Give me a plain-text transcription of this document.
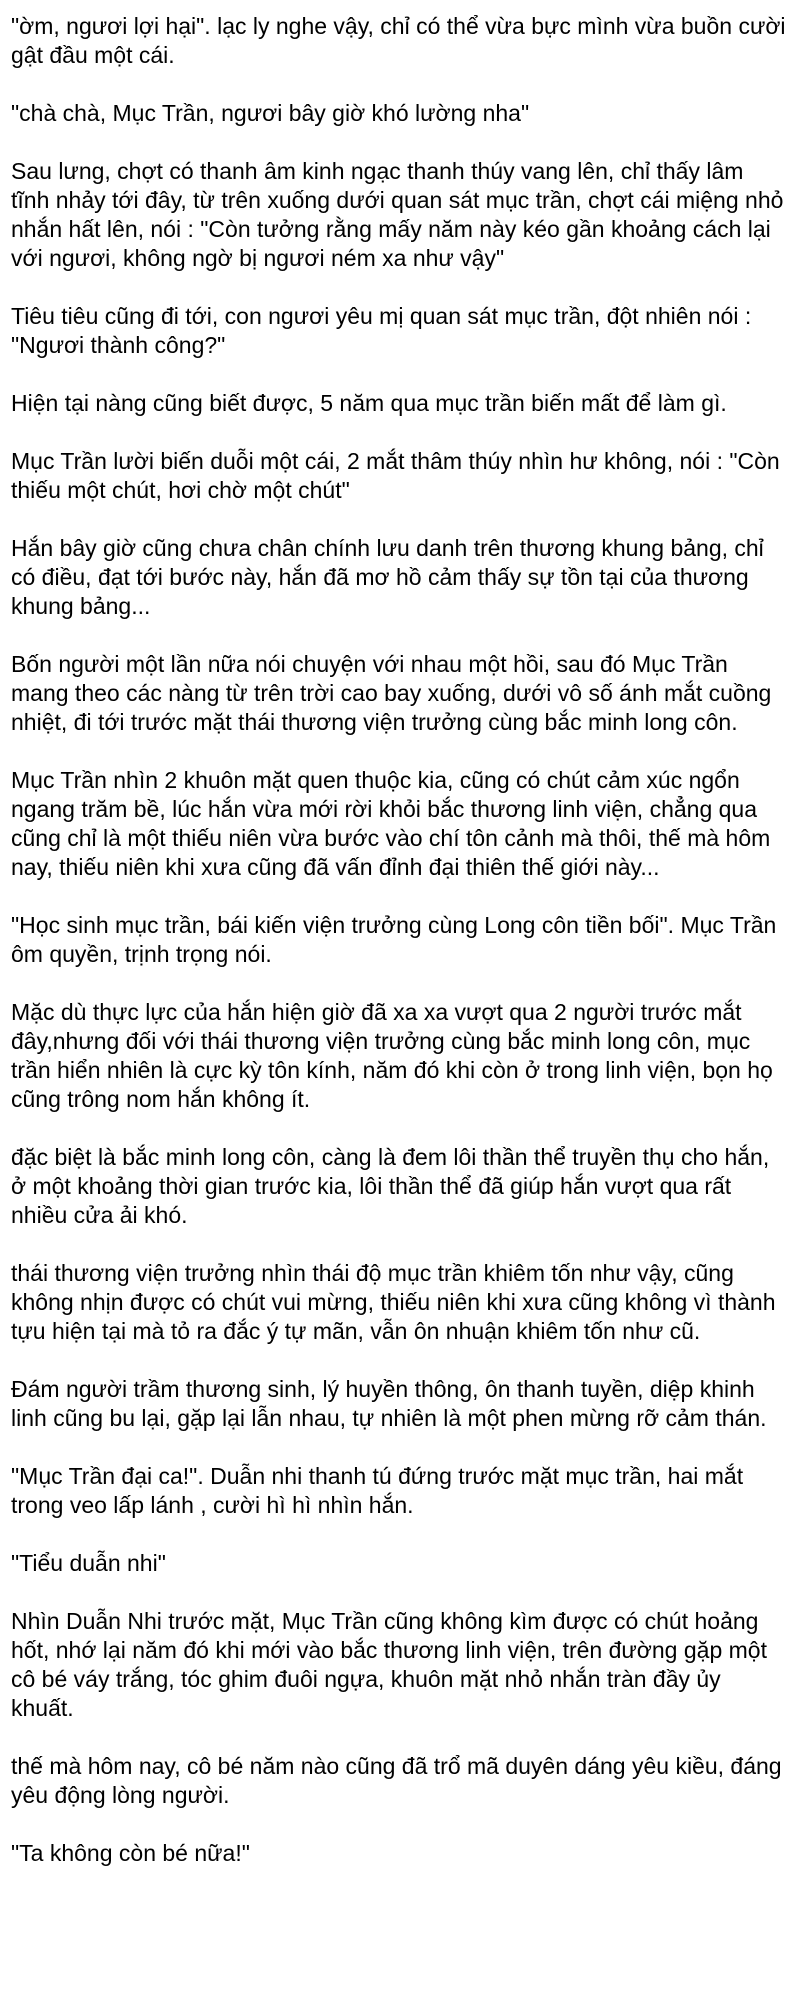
"ờm, ngươi lợi hại". lạc ly nghe vậy, chỉ có thể vừa bực mình vừa buồn cười gật đầu một cái.

"chà chà, Mục Trần, ngươi bây giờ khó lường nha"

Sau lưng, chợt có thanh âm kinh ngạc thanh thúy vang lên, chỉ thấy lâm tĩnh nhảy tới đây, từ trên xuống dưới quan sát mục trần, chợt cái miệng nhỏ nhắn hất lên, nói : "Còn tưởng rằng mấy năm này kéo gần khoảng cách lại với ngươi, không ngờ bị ngươi ném xa như vậy"

Tiêu tiêu cũng đi tới, con ngươi yêu mị quan sát mục trần, đột nhiên nói : "Ngươi thành công?"

Hiện tại nàng cũng biết được, 5 năm qua mục trần biến mất để làm gì.

Mục Trần lười biến duỗi một cái, 2 mắt thâm thúy nhìn hư không, nói : "Còn thiếu một chút, hơi chờ một chút"

Hắn bây giờ cũng chưa chân chính lưu danh trên thương khung bảng, chỉ có điều, đạt tới bước này, hắn đã mơ hồ cảm thấy sự tồn tại của thương khung bảng...

Bốn người một lần nữa nói chuyện với nhau một hồi, sau đó Mục Trần mang theo các nàng từ trên trời cao bay xuống, dưới vô số ánh mắt cuồng nhiệt, đi tới trước mặt thái thương viện trưởng cùng bắc minh long côn.

Mục Trần nhìn 2 khuôn mặt quen thuộc kia, cũng có chút cảm xúc ngổn ngang trăm bề, lúc hắn vừa mới rời khỏi bắc thương linh viện, chẳng qua cũng chỉ là một thiếu niên vừa bước vào chí tôn cảnh mà thôi, thế mà hôm nay, thiếu niên khi xưa cũng đã vấn đỉnh đại thiên thế giới này...

"Học sinh mục trần, bái kiến viện trưởng cùng Long côn tiền bối". Mục Trần ôm quyền, trịnh trọng nói.

Mặc dù thực lực của hắn hiện giờ đã xa xa vượt qua 2 người trước mắt đây,nhưng đối với thái thương viện trưởng cùng bắc minh long côn, mục trần hiển nhiên là cực kỳ tôn kính, năm đó khi còn ở trong linh viện, bọn họ cũng trông nom hắn không ít.

đặc biệt là bắc minh long côn, càng là đem lôi thần thể truyền thụ cho hắn, ở một khoảng thời gian trước kia, lôi thần thể đã giúp hắn vượt qua rất nhiều cửa ải khó.

thái thương viện trưởng nhìn thái độ mục trần khiêm tốn như vậy, cũng không nhịn được có chút vui mừng, thiếu niên khi xưa cũng không vì thành tựu hiện tại mà tỏ ra đắc ý tự mãn, vẫn ôn nhuận khiêm tốn như cũ.

Đám người trầm thương sinh, lý huyền thông, ôn thanh tuyền, diệp khinh linh cũng bu lại, gặp lại lẫn nhau, tự nhiên là một phen mừng rỡ cảm thán.

"Mục Trần đại ca!". Duẫn nhi thanh tú đứng trước mặt mục trần, hai mắt trong veo lấp lánh , cười hì hì nhìn hắn.

"Tiểu duẫn nhi"

Nhìn Duẫn Nhi trước mặt, Mục Trần cũng không kìm được có chút hoảng hốt, nhớ lại năm đó khi mới vào bắc thương linh viện, trên đường gặp một cô bé váy trắng, tóc ghim đuôi ngựa, khuôn mặt nhỏ nhắn tràn đầy ủy khuất.

thế mà hôm nay, cô bé năm nào cũng đã trổ mã duyên dáng yêu kiều, đáng yêu động lòng người.

"Ta không còn bé nữa!"
